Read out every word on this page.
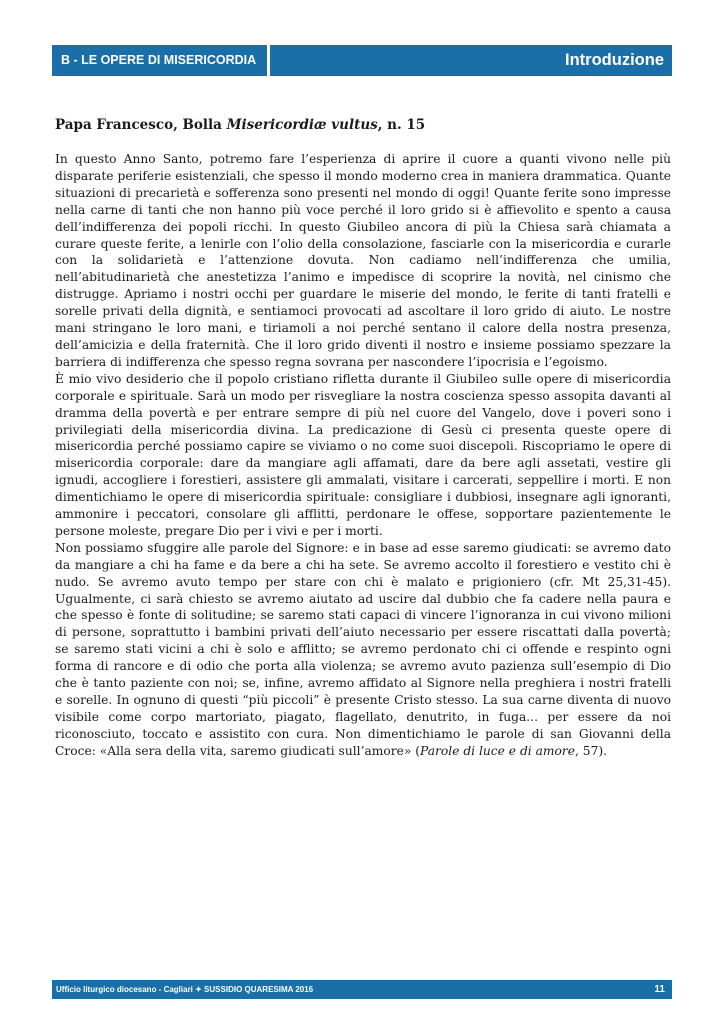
B - LE OPERE DI MISERICORDIA	Introduzione
Papa Francesco, Bolla Misericordiæ vultus, n. 15

In questo Anno Santo, potremo fare l’esperienza di aprire il cuore a quanti vivono nelle più disparate periferie esistenziali, che spesso il mondo moderno crea in maniera drammatica. Quante situazioni di precarietà e sofferenza sono presenti nel mondo di oggi! Quante ferite sono impresse nella carne di tanti che non hanno più voce perché il loro grido si è affievolito e spento a causa dell’indifferenza dei popoli ricchi. In questo Giubileo ancora di più la Chiesa sarà chiamata a curare queste ferite, a lenirle con l’olio della consolazione, fasciarle con la misericordia e curarle con la solidarietà e l’attenzione dovuta. Non cadiamo nell’indifferenza che umilia, nell’abitudinarietà che anestetizza l’animo e impedisce di scoprire la novità, nel cinismo che distrugge. Apriamo i nostri occhi per guardare le miserie del mondo, le ferite di tanti fratelli e sorelle privati della dignità, e sentiamoci provocati ad ascoltare il loro grido di aiuto. Le nostre mani stringano le loro mani, e tiriamoli a noi perché sentano il calore della nostra presenza, dell’amicizia e della fraternità. Che il loro grido diventi il nostro e insieme possiamo spezzare la barriera di indifferenza che spesso regna sovrana per nascondere l’ipocrisia e l’egoismo.

È mio vivo desiderio che il popolo cristiano rifletta durante il Giubileo sulle opere di misericordia corporale e spirituale. Sarà un modo per risvegliare la nostra coscienza spesso assopita davanti al dramma della povertà e per entrare sempre di più nel cuore del Vangelo, dove i poveri sono i privilegiati della misericordia divina. La predicazione di Gesù ci presenta queste opere di misericordia perché possiamo capire se viviamo o no come suoi discepoli. Riscopriamo le opere di misericordia corporale: dare da mangiare agli affamati, dare da bere agli assetati, vestire gli ignudi, accogliere i forestieri, assistere gli ammalati, visitare i carcerati, seppellire i morti. E non dimentichiamo le opere di misericordia spirituale: consigliare i dubbiosi, insegnare agli ignoranti, ammonire i peccatori, consolare gli afflitti, perdonare le offese, sopportare pazientemente le persone moleste, pregare Dio per i vivi e per i morti.

Non possiamo sfuggire alle parole del Signore: e in base ad esse saremo giudicati: se avremo dato da mangiare a chi ha fame e da bere a chi ha sete. Se avremo accolto il forestiero e vestito chi è nudo. Se avremo avuto tempo per stare con chi è malato e prigioniero (cfr. Mt 25,31-45). Ugualmente, ci sarà chiesto se avremo aiutato ad uscire dal dubbio che fa cadere nella paura e che spesso è fonte di solitudine; se saremo stati capaci di vincere l’ignoranza in cui vivono milioni di persone, soprattutto i bambini privati dell’aiuto necessario per essere riscattati dalla povertà; se saremo stati vicini a chi è solo e afflitto; se avremo perdonato chi ci offende e respinto ogni forma di rancore e di odio che porta alla violenza; se avremo avuto pazienza sull’esempio di Dio che è tanto paziente con noi; se, infine, avremo affidato al Signore nella preghiera i nostri fratelli e sorelle. In ognuno di questi “più piccoli” è presente Cristo stesso. La sua carne diventa di nuovo visibile come corpo martoriato, piagato, flagellato, denutrito, in fuga... per essere da noi riconosciuto, toccato e assistito con cura. Non dimentichiamo le parole di san Giovanni della Croce: «Alla sera della vita, saremo giudicati sull’amore» (Parole di luce e di amore, 57).

Ufficio liturgico diocesano - Cagliari ✦ SUSSIDIO QUARESIMA 2016	11
